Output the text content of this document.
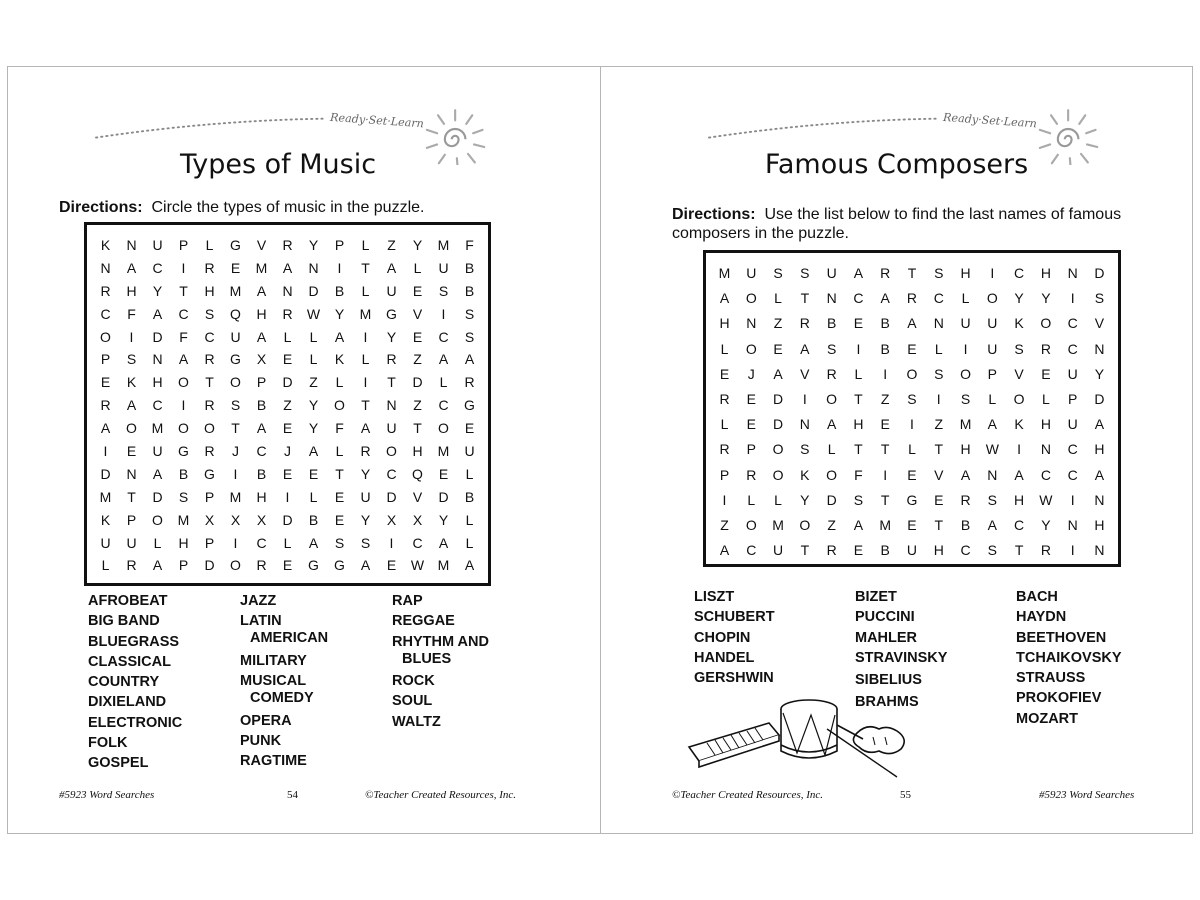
Ready·Set·Learn
Types of Music
Directions: Circle the types of music in the puzzle.
K	N	U	P	L	G	V	R	Y	P	L	Z	Y	M	F
N	A	C	I	R	E	M	A	N	I	T	A	L	U	B
R	H	Y	T	H	M	A	N	D	B	L	U	E	S	B
C	F	A	C	S	Q	H	R	W	Y	M	G	V	I	S
O	I	D	F	C	U	A	L	L	A	I	Y	E	C	S
P	S	N	A	R	G	X	E	L	K	L	R	Z	A	A
E	K	H	O	T	O	P	D	Z	L	I	T	D	L	R
R	A	C	I	R	S	B	Z	Y	O	T	N	Z	C	G
A	O	M	O	O	T	A	E	Y	F	A	U	T	O	E
I	E	U	G	R	J	C	J	A	L	R	O	H	M	U
D	N	A	B	G	I	B	E	E	T	Y	C	Q	E	L
M	T	D	S	P	M	H	I	L	E	U	D	V	D	B
K	P	O	M	X	X	X	D	B	E	Y	X	X	Y	L
U	U	L	H	P	I	C	L	A	S	S	I	C	A	L
L	R	A	P	D	O	R	E	G	G	A	E	W M	A
AFROBEAT
BIG BAND
BLUEGRASS
CLASSICAL
COUNTRY
DIXIELAND
ELECTRONIC
FOLK
GOSPEL
JAZZ
LATIN
AMERICAN
MILITARY
MUSICAL
COMEDY
OPERA
PUNK
RAGTIME
RAP
REGGAE
RHYTHM AND
BLUES
ROCK
SOUL
WALTZ
#5923 Word Searches	54	©Teacher Created Resources, Inc.
Ready·Set·Learn
Famous Composers
Directions: Use the list below to find the last names of famous composers in the puzzle.
M	U	S	S	U	A	R	T	S	H	I	C	H	N	D
A	O	L	T	N	C	A	R	C	L	O	Y	Y	I	S
H	N	Z	R	B	E	B	A	N	U	U	K	O	C	V
L	O	E	A	S	I	B	E	L	I	U	S	R	C	N
E	J	A	V	R	L	I	O	S	O	P	V	E	U	Y
R	E	D	I	O	T	Z	S	I	S	L	O	L	P	D
L	E	D	N	A	H	E	I	Z	M	A	K	H	U	A
R	P	O	S	L	T	T	L	T	H	W	I	N	C	H
P	R	O	K	O	F	I	E	V	A	N	A	C	C	A
I	L	L	Y	D	S	T	G	E	R	S	H	W	I	N
Z	O	M	O	Z	A	M	E	T	B	A	C	Y	N	H
A	C	U	T	R	E	B	U	H	C	S	T	R	I	N
LISZT
SCHUBERT
CHOPIN
HANDEL
GERSHWIN
BIZET
PUCCINI
MAHLER
STRAVINSKY
SIBELIUS
BRAHMS
BACH
HAYDN
BEETHOVEN
TCHAIKOVSKY
STRAUSS
PROKOFIEV
MOZART
©Teacher Created Resources, Inc.	55	#5923 Word Searches
